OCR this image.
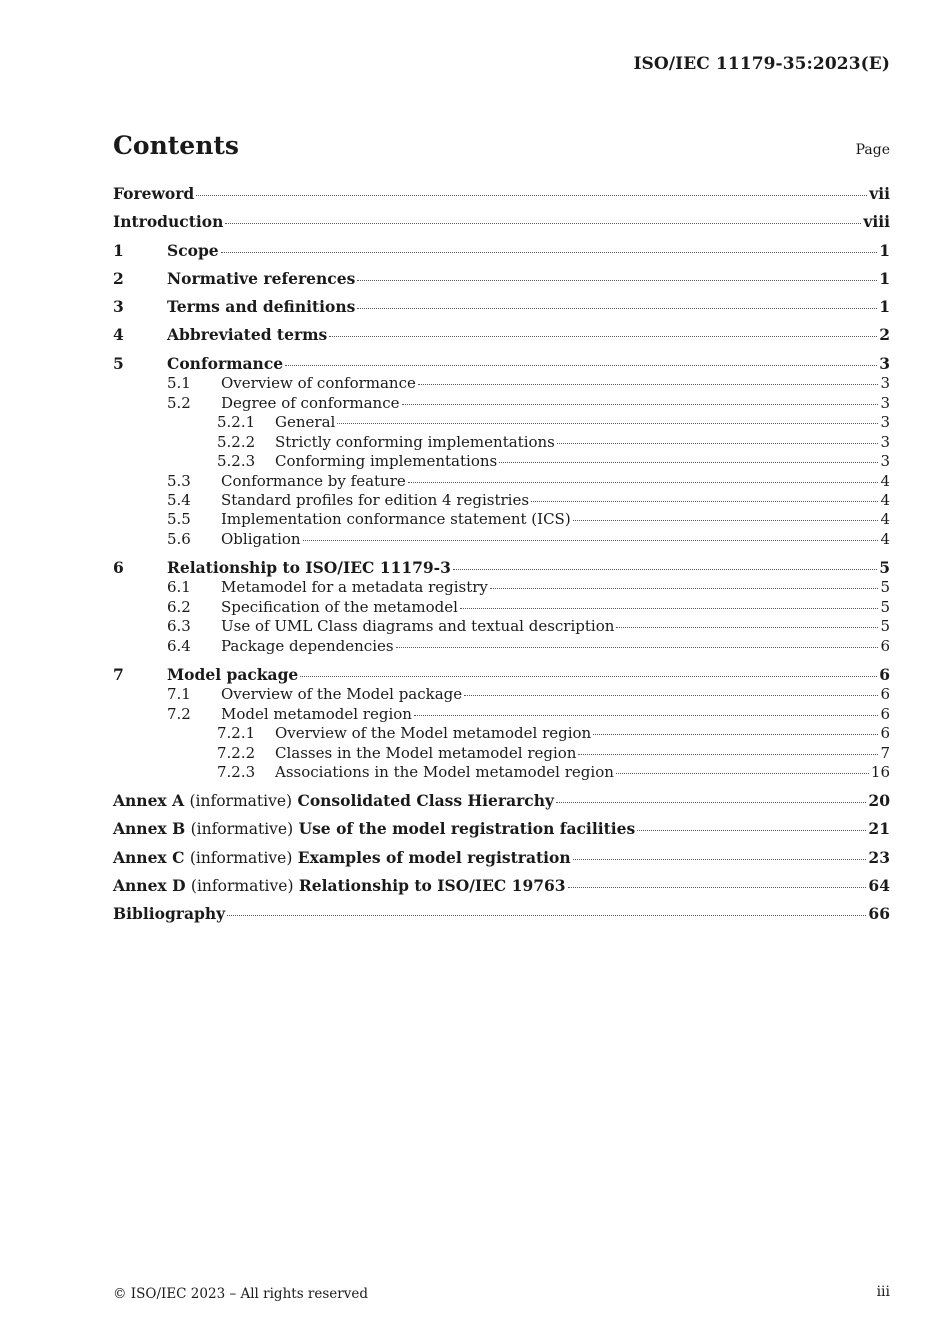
ISO/IEC 11179-35:2023(E)
Contents	Page
Foreword	vii
Introduction	viii
1	Scope	1
2	Normative references	1
3	Terms and definitions	1
4	Abbreviated terms	2
5	Conformance	3
5.1	Overview of conformance	3
5.2	Degree of conformance	3
5.2.1	General	3
5.2.2	Strictly conforming implementations	3
5.2.3	Conforming implementations	3
5.3	Conformance by feature	4
5.4	Standard profiles for edition 4 registries	4
5.5	Implementation conformance statement (ICS)	4
5.6	Obligation	4
6	Relationship to ISO/IEC 11179-3	5
6.1	Metamodel for a metadata registry	5
6.2	Specification of the metamodel	5
6.3	Use of UML Class diagrams and textual description	5
6.4	Package dependencies	6
7	Model package	6
7.1	Overview of the Model package	6
7.2	Model metamodel region	6
7.2.1	Overview of the Model metamodel region	6
7.2.2	Classes in the Model metamodel region	7
7.2.3	Associations in the Model metamodel region	16
Annex A (informative) Consolidated Class Hierarchy	20
Annex B (informative) Use of the model registration facilities	21
Annex C (informative) Examples of model registration	23
Annex D (informative) Relationship to ISO/IEC 19763	64
Bibliography	66
© ISO/IEC 2023 – All rights reserved	iii
